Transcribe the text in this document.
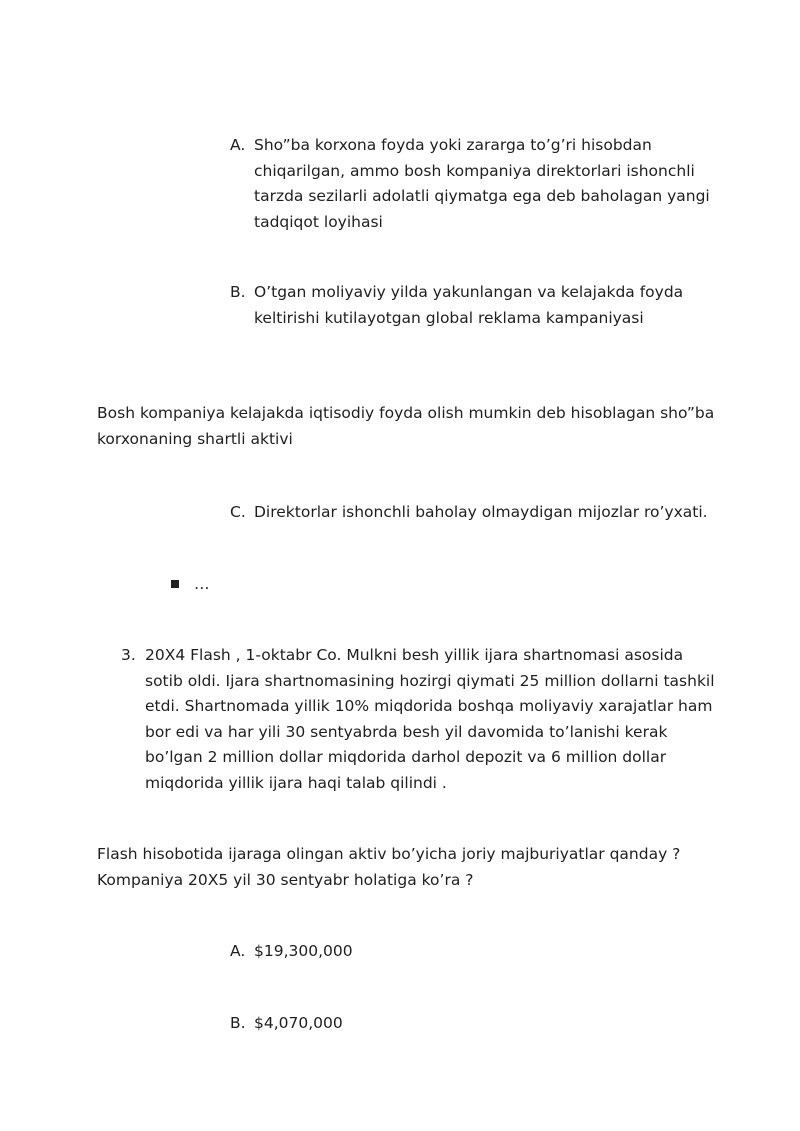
A. Sho”ba korxona foyda yoki zararga to’g’ri hisobdan
chiqarilgan, ammo bosh kompaniya direktorlari ishonchli
tarzda sezilarli adolatli qiymatga ega deb baholagan yangi
tadqiqot loyihasi
B. O’tgan moliyaviy yilda yakunlangan va kelajakda foyda
keltirishi kutilayotgan global reklama kampaniyasi
Bosh kompaniya kelajakda iqtisodiy foyda olish mumkin deb hisoblagan sho”ba
korxonaning shartli aktivi
C. Direktorlar ishonchli baholay olmaydigan mijozlar ro’yxati.
…
3. 20X4 Flash , 1-oktabr Co. Mulkni besh yillik ijara shartnomasi asosida
sotib oldi. Ijara shartnomasining hozirgi qiymati 25 million dollarni tashkil
etdi. Shartnomada yillik 10% miqdorida boshqa moliyaviy xarajatlar ham
bor edi va har yili 30 sentyabrda besh yil davomida to’lanishi kerak
bo’lgan 2 million dollar miqdorida darhol depozit va 6 million dollar
miqdorida yillik ijara haqi talab qilindi .
Flash hisobotida ijaraga olingan aktiv bo’yicha joriy majburiyatlar qanday ?
Kompaniya 20X5 yil 30 sentyabr holatiga ko’ra ?
A. $19,300,000
B. $4,070,000
